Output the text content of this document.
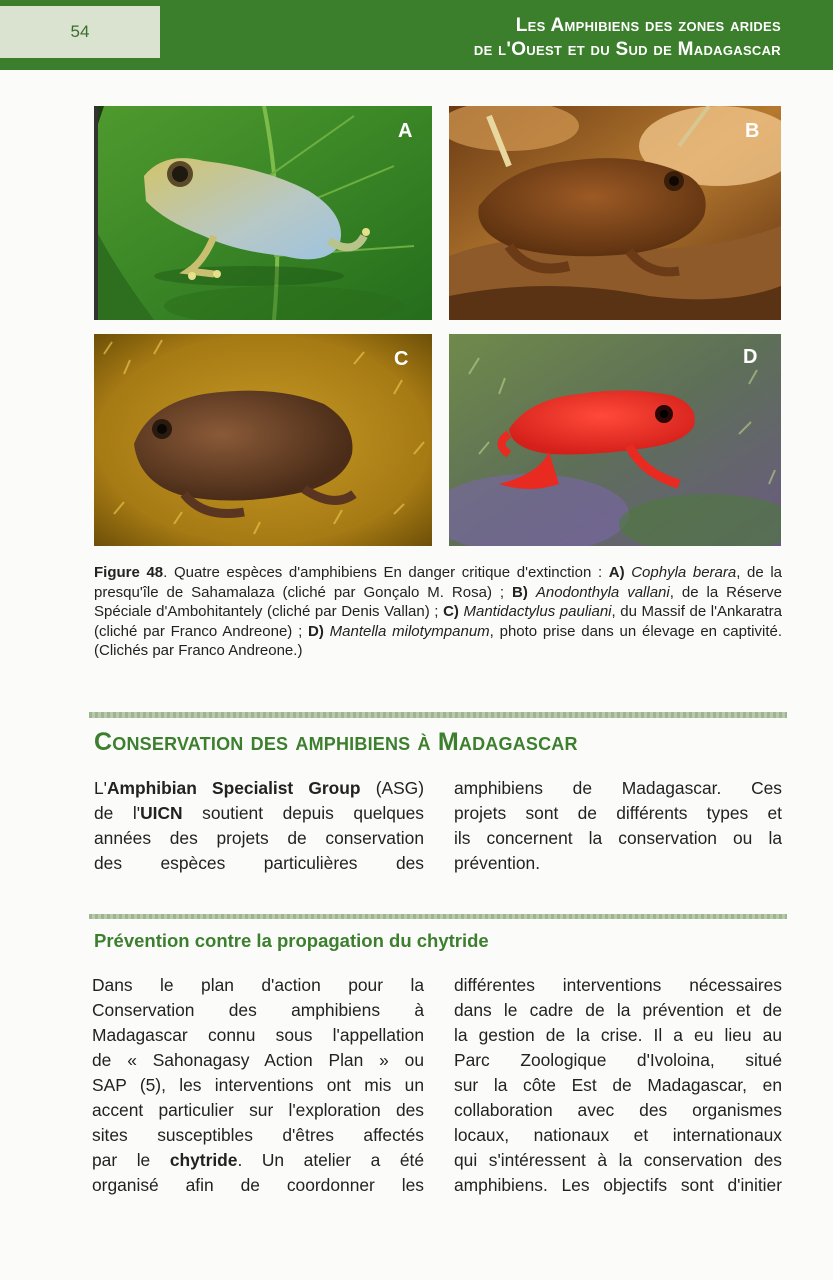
54	Les Amphibiens des zones arides
de l'Ouest et du Sud de Madagascar
A	B
C	D
Figure 48. Quatre espèces d'amphibiens En danger critique d'extinction : A) Cophyla berara, de la presqu'île de Sahamalaza (cliché par Gonçalo M. Rosa) ; B) Anodonthyla vallani, de la Réserve Spéciale d'Ambohitantely (cliché par Denis Vallan) ; C) Mantidactylus pauliani, du Massif de l'Ankaratra (cliché par Franco Andreone) ; D) Mantella milotympanum, photo prise dans un élevage en captivité. (Clichés par Franco Andreone.)
Conservation des amphibiens à Madagascar
L'Amphibian Specialist Group (ASG)
de l'UICN soutient depuis quelques
années des projets de conservation
des espèces particulières des
amphibiens de Madagascar. Ces
projets sont de différents types et
ils concernent la conservation ou la
prévention.
Prévention contre la propagation du chytride
Dans le plan d'action pour la
Conservation des amphibiens à
Madagascar connu sous l'appellation
de « Sahonagasy Action Plan » ou
SAP (5), les interventions ont mis un
accent particulier sur l'exploration des
sites susceptibles d'êtres affectés
par le chytride. Un atelier a été
organisé afin de coordonner les
différentes interventions nécessaires
dans le cadre de la prévention et de
la gestion de la crise. Il a eu lieu au
Parc Zoologique d'Ivoloina, situé
sur la côte Est de Madagascar, en
collaboration avec des organismes
locaux, nationaux et internationaux
qui s'intéressent à la conservation des
amphibiens. Les objectifs sont d'initier
